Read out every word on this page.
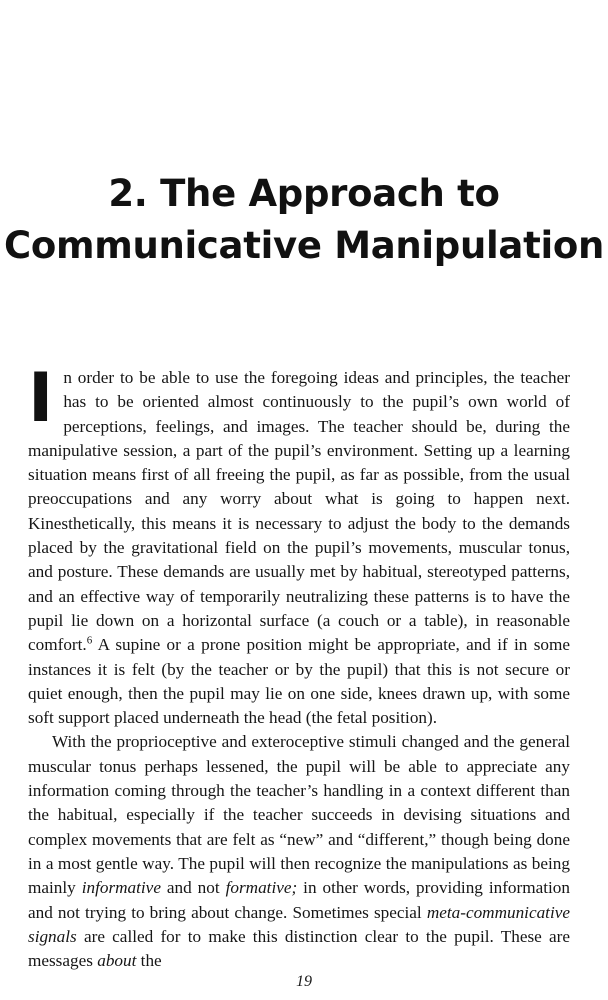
2. The Approach to
Communicative Manipulation

In order to be able to use the foregoing ideas and principles, the teacher has to be oriented almost continuously to the pupil’s own world of perceptions, feelings, and images. The teacher should be, during the manipulative session, a part of the pupil’s environment. Setting up a learning situation means first of all freeing the pupil, as far as possible, from the usual preoccupations and any worry about what is going to happen next. Kinesthetically, this means it is necessary to adjust the body to the demands placed by the gravitational field on the pupil’s movements, muscular tonus, and posture. These demands are usually met by habitual, stereotyped patterns, and an effective way of temporarily neutralizing these patterns is to have the pupil lie down on a horizontal surface (a couch or a table), in reasonable comfort.$^6$ A supine or a prone position might be appropriate, and if in some instances it is felt (by the teacher or by the pupil) that this is not secure or quiet enough, then the pupil may lie on one side, knees drawn up, with some soft support placed underneath the head (the fetal position).

With the proprioceptive and exteroceptive stimuli changed and the general muscular tonus perhaps lessened, the pupil will be able to appreciate any information coming through the teacher’s handling in a context different than the habitual, especially if the teacher succeeds in devising situations and complex movements that are felt as “new” and “different,” though being done in a most gentle way. The pupil will then recognize the manipulations as being mainly informative and not formative; in other words, providing information and not trying to bring about change. Sometimes special meta-communicative signals are called for to make this distinction clear to the pupil. These are messages about the

19
